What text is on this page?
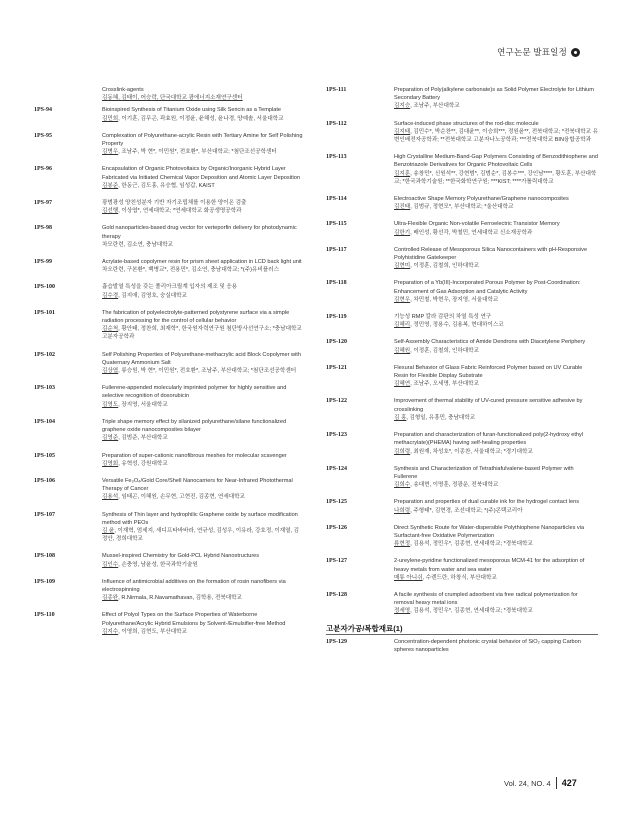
연구논문 발표일정
Crosslink-agents
김동혜, 김태이, 어승락, 단국대학교 광에너지소재연구센터
1PS-94	Bioinspired Synthesis of Titanium Oxide using Silk Sericin as a Template
김민희, 이기훈, 김무곤, 곽효원, 이정윤, 윤해성, 윤나경, 양예솔, 서울대학교
1PS-95	Complexation of Polyurethane-acrylic Resin with Tertiary Amine for Self Polishing Property
김병우, 조남주, 박 현*, 이민원*, 전호환*, 부산대학교; *첨단조선공학센터
1PS-96	Encapsulation of Organic Photovoltaics by Organic/Inorganic Hybrid Layer Fabricated via Initiated Chemical Vapor Deposition and Atomic Layer Deposition
김봉준, 한동근, 김도홍, 유승협, 임성갑, KAIST
1PS-97	광범광성 양친성분자 기반 자기조립체를 이용한 양이온 검출
김선행, 이상엽*, 연세대학교; *연세대학교 화공생명공학과
1PS-98	Gold nanoparticles-based drug vector for verteporfin delivery for photodynamic therapy
차모란련, 김소연, 충남대학교
1PS-99	Acrylate-based copolymer resin for prism sheet application in LCD back light unit
차오란련, 구본환*, 백병교*, 전용민*, 김소연, 충남대학교; *(주)유비플러스
1PS-100	흡습발열 특성을 갖는 폴리아크릴계 입자의 제조 및 응용
김수경, 김지애, 김영호, 숭실대학교
1PS-101	The fabrication of polyelectrolyte-patterned polystyrene surface via a simple radiation processing for the control of cellular behavior
김순척, 황안태, 정찬희, 최재학*, 한국원자력연구원 첨단방사선연구소; *충남대학교 고분자공학과
1PS-102	Self Polishing Properties of Polyurethane-methacrylic acid Block Copolymer with Quaternary Ammonium Salt
김상엽, 류승원, 박 현*, 이민원*, 전호환*, 조남주, 부산대학교; *첨단조선공학센터
1PS-103	Fullerene-appended molecularly imprinted polymer for highly sensitive and selective recognition of doxorubicin
김영도, 장지영, 서울대학교
1PS-104	Triple shape memory effect by silanized polyurethane/silane functionalized graphene oxide nanocomposites bilayer
김영준, 김범준, 부산대학교
1PS-105	Preparation of super-cationic nanofibrous meshes for molecular scavenger
김영회, 유혁성, 강원대학교
1PS-106	Versatile Fe₃O₄/Gold Core/Shell Nanocarriers for Near-Infrared Photothermal Therapy of Cancer
김용석, 임태곤, 이혜원, 손무현, 고현진, 김종현, 연세대학교
1PS-107	Synthesis of Thin layer and hydrophilic Graphene oxide by surface modification method with PEOs
김 윤, 이재혁, 엄세지, 새디프타바바라, 연규성, 김성우, 이유라, 강호정, 이재열, 김정안, 경희대학교
1PS-108	Mussel-inspired Chemistry for Gold-PCL Hybrid Nanostructures
김인수, 손충영, 남윤성, 한국과학기술원
1PS-109	Influence of antimicrobial additives on the formation of rosin nanofibers via electrospinning
김종완, R.Nirmala, R.Navamathavan, 김학용, 전북대학교
1PS-110	Effect of Polyol Types on the Surface Properties of Waterborne Polyurethane/Acrylic Hybrid Emulsions by Solvent-/Emulsifier-free Method
김지수, 이영희, 김현도, 부산대학교
1PS-111	Preparation of Poly(alkylene carbonate)s as Solid Polymer Electrolyte for Lithium Secondary Battery
김지승, 조남주, 부산대학교
1PS-112	Surface-induced phase structures of the rod-disc molecule
김지태, 김민수*, 박순찬**, 김대윤**, 이승희***, 정원윤**, 전북대학교; *전북대학교 유변인배전자공학과; **전북대학교 고분자나노공학과; ***전북대학교 BIN융합공학과
1PS-113	High Crystalline Medium-Band-Gap Polymers Consisting of Benzodithiophene and Benzotriazole Derivatives for Organic Photovoltaic Cells
김지훈, 송창민*, 신원석**, 강현범*, 김범순*, 김봉수***, 강인남****, 황도훈, 부산대학교; *한국과학기술원; **한국화학연구원; ***KIST; ****가톨릭대학교
1PS-114	Electroactive Shape Memory Polyurethane/Graphene nanocomposites
김진태, 김범규, 정현모*, 부산대학교; *울산대학교
1PS-115	Ultra-Flexible Organic Non-volatile Ferroelectric Transistor Memory
김한기, 배인성, 황선각, 박철민, 연세대학교 신소재공학과
1PS-117	Controlled Release of Mesoporous Silica Nanocontainers with pH-Responsive Polyhistidine Gatekeeper
김현미, 이정훈, 김철희, 인하대학교
1PS-118	Preparation of a Yb(III)-Incorporated Porous Polymer by Post-Coordination: Enhancement of Gas Adsorption and Catalytic Activity
김현우, 차민철, 박현우, 장지영, 서울대학교
1PS-119	기능성 RMP 칼라 감판의 차열 특성 연구
김혜리, 정민영, 정용수, 김용복, 현대하이스코
1PS-120	Self-Assembly Characteristics of Amide Dendrons with Diacetylene Periphery
김혜원, 이정훈, 김철희, 인하대학교
1PS-121	Flexural Behavior of Glass Fabric Reinforced Polymer based on UV Curable Resin for Flexible Display Substrate
김혜연, 조남주, 오세명, 부산대학교
1PS-122	Improvement of thermal stability of UV-cured pressure sensitive adhesive by crosslinking
김 홍, 김형일, 유흥민, 충남대학교
1PS-123	Preparation and characterization of furan-functionalized poly(2-hydroxy ethyl methacrylate)(PHEMA) having self-healing properties
김희령, 최원재, 차성호*, 이종찬, 서울대학교; *경기대학교
1PS-124	Synthesis and Characterization of Tetrathiafulvalene-based Polymer with Fullerene
김희수, 송대현, 이명훈, 정광운, 전북대학교
1PS-125	Preparation and properties of dual curable ink for the hydrogel contact lens
나희령, 주형태*, 김현경, 조선대학교; *(주)콘택코리아
1PS-126	Direct Synthetic Route for Water-dispersible Polythiophene Nanoparticles via Surfactant-free Oxidative Polymerization
류현정, 김용석, 정민우*, 김종현, 연세대학교; *경북대학교
1PS-127	2-ureylene-pyridine functionalized mesoporous MCM-41 for the adsorption of heavy metals from water and sea water
매튜 아니쉬, 수렌드란, 하창식, 부산대학교
1PS-128	A facile synthesis of crumpled adsorbent via free radical polymerization for removal heavy metal ions
정세영, 김용석, 정민우*, 김종현, 연세대학교; *경북대학교
고분자가공/복합재료(1)
1PS-129	Concentration-dependent photonic crystal behavior of SiO₂ capping Carbon spheres nanoparticles
Vol. 24, NO. 4 427
